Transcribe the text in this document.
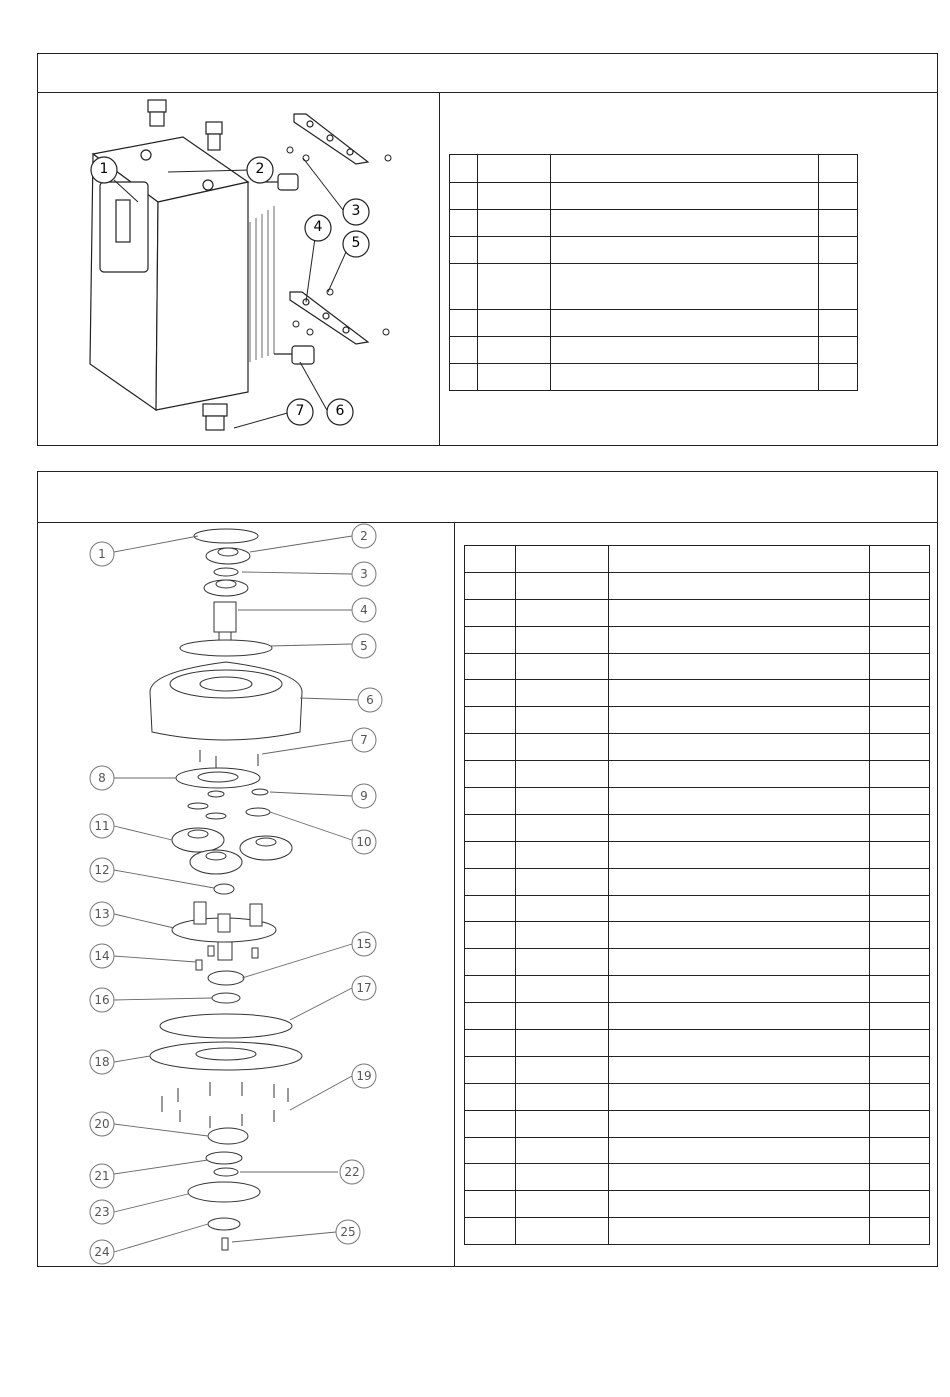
1	2
3
4
5
6
7

1
2
3
4
5
6
7
8
9
10
11
12
13
14
15
16
17
18
19
20
21	22
23
24
25
